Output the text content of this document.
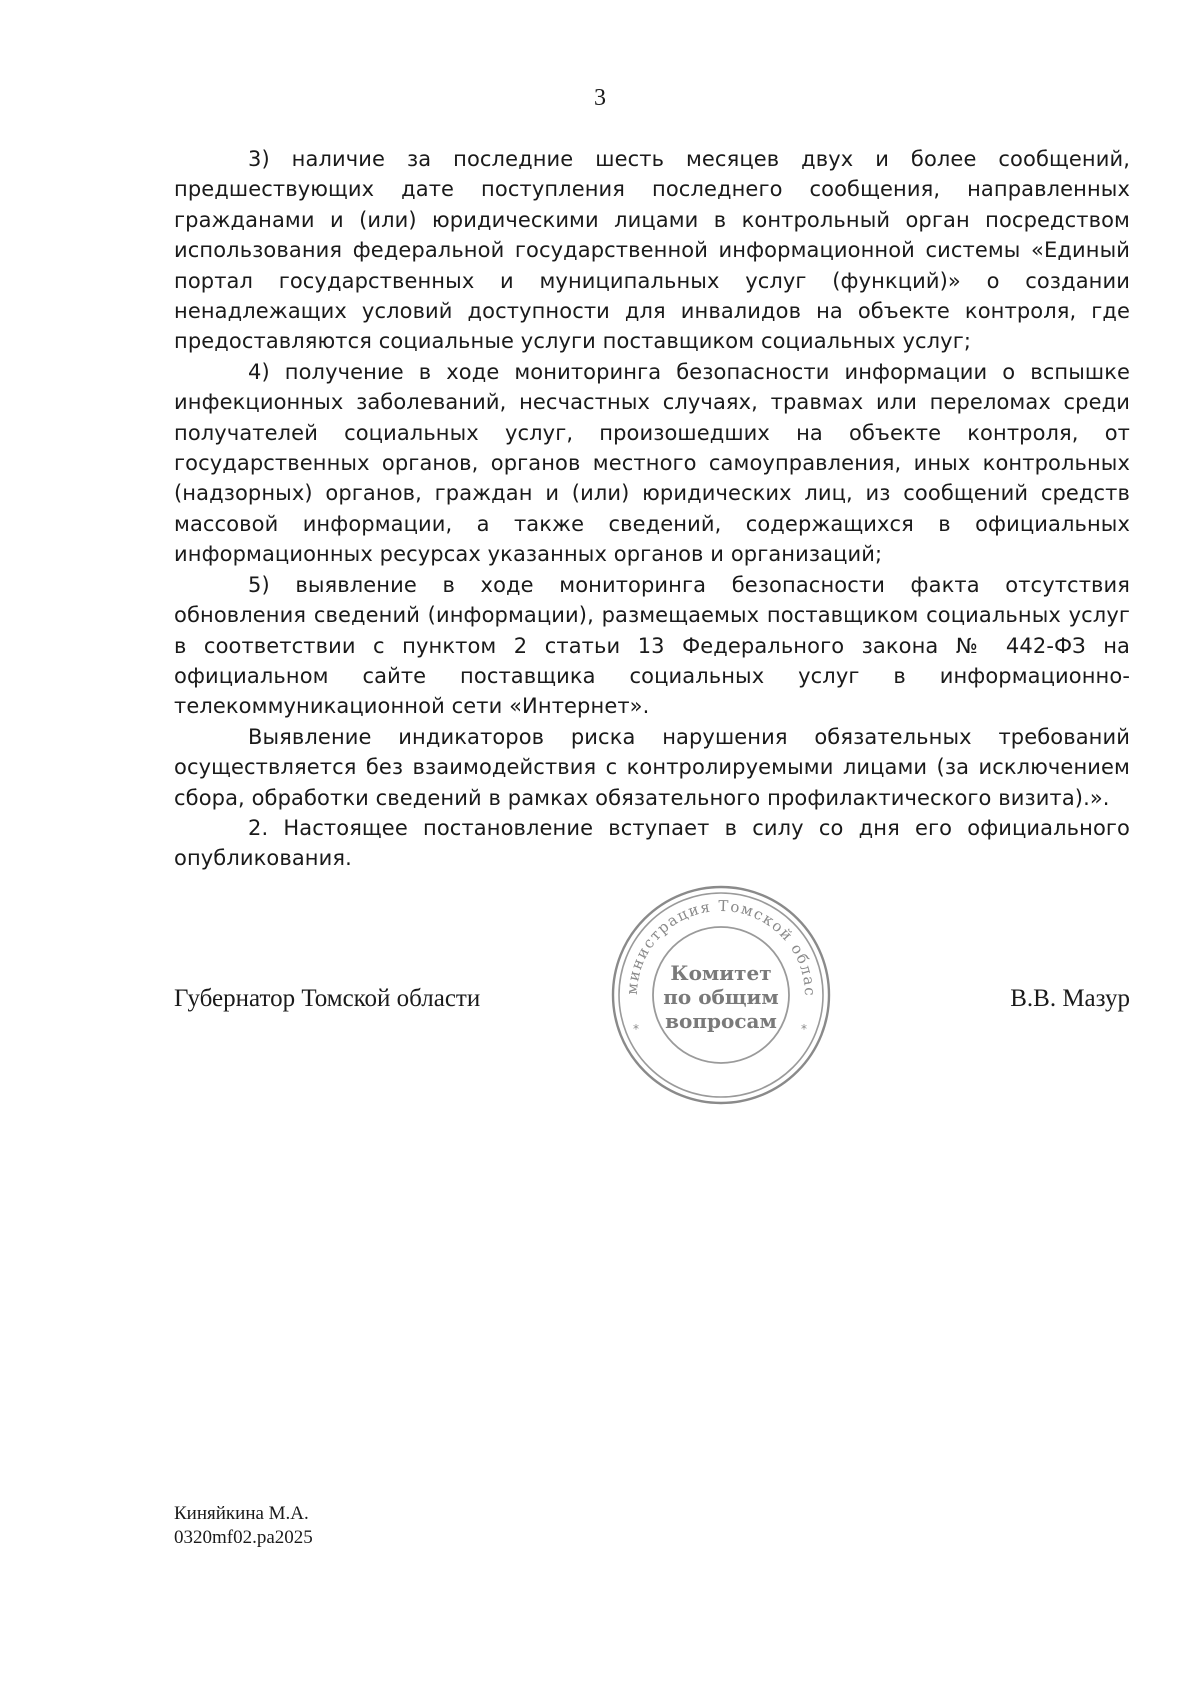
3

3) наличие за последние шесть месяцев двух и более сообщений, предшествующих дате поступления последнего сообщения, направленных гражданами и (или) юридическими лицами в контрольный орган посредством использования федеральной государственной информационной системы «Единый портал государственных и муниципальных услуг (функций)» о создании ненадлежащих условий доступности для инвалидов на объекте контроля, где предоставляются социальные услуги поставщиком социальных услуг;

4) получение в ходе мониторинга безопасности информации о вспышке инфекционных заболеваний, несчастных случаях, травмах или переломах среди получателей социальных услуг, произошедших на объекте контроля, от государственных органов, органов местного самоуправления, иных контрольных (надзорных) органов, граждан и (или) юридических лиц, из сообщений средств массовой информации, а также сведений, содержащихся в официальных информационных ресурсах указанных органов и организаций;

5) выявление в ходе мониторинга безопасности факта отсутствия обновления сведений (информации), размещаемых поставщиком социальных услуг в соответствии с пунктом 2 статьи 13 Федерального закона № 442-ФЗ на официальном сайте поставщика социальных услуг в информационно-телекоммуникационной сети «Интернет».

Выявление индикаторов риска нарушения обязательных требований осуществляется без взаимодействия с контролируемыми лицами (за исключением сбора, обработки сведений в рамках обязательного профилактического визита).».

2. Настоящее постановление вступает в силу со дня его официального опубликования.

Губернатор Томской области	В.В. Мазур
министрация Томской облас
*	*
Комитет
по общим
вопросам
Киняйкина М.А.
0320mf02.pa2025
